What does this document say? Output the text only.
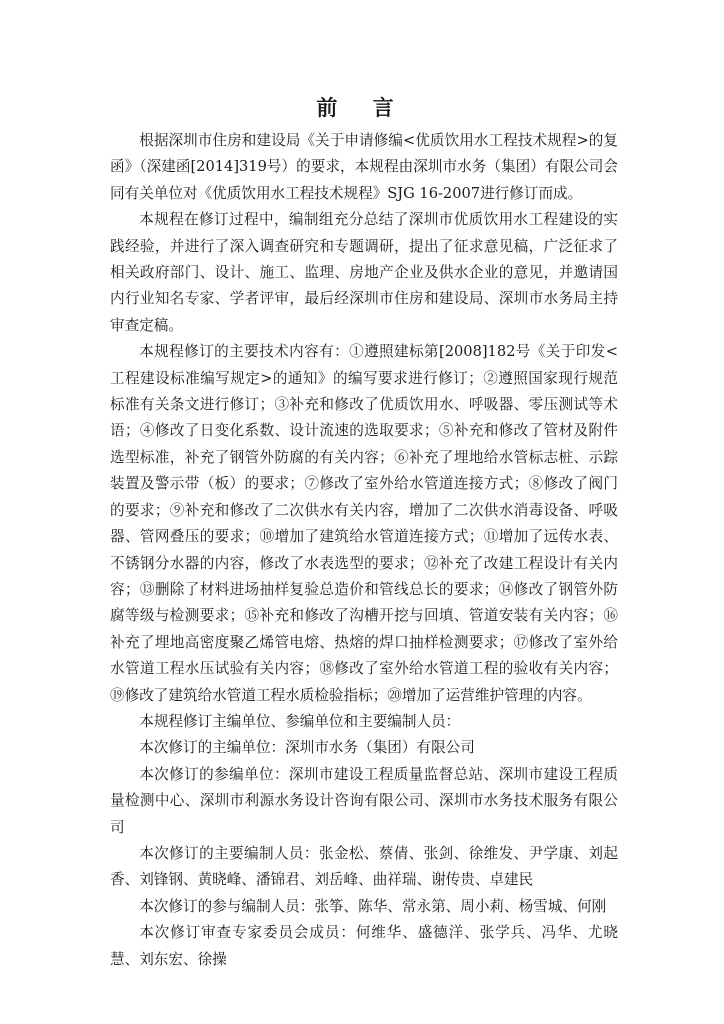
前 言

根据深圳市住房和建设局《关于申请修编<优质饮用水工程技术规程>的复函》（深建函[2014]319号）的要求，本规程由深圳市水务（集团）有限公司会同有关单位对《优质饮用水工程技术规程》SJG 16-2007进行修订而成。

本规程在修订过程中，编制组充分总结了深圳市优质饮用水工程建设的实践经验，并进行了深入调查研究和专题调研，提出了征求意见稿，广泛征求了相关政府部门、设计、施工、监理、房地产企业及供水企业的意见，并邀请国内行业知名专家、学者评审，最后经深圳市住房和建设局、深圳市水务局主持审查定稿。

本规程修订的主要技术内容有：①遵照建标第[2008]182号《关于印发<工程建设标准编写规定>的通知》的编写要求进行修订；②遵照国家现行规范标准有关条文进行修订；③补充和修改了优质饮用水、呼吸器、零压测试等术语；④修改了日变化系数、设计流速的选取要求；⑤补充和修改了管材及附件选型标准，补充了钢管外防腐的有关内容；⑥补充了埋地给水管标志桩、示踪装置及警示带（板）的要求；⑦修改了室外给水管道连接方式；⑧修改了阀门的要求；⑨补充和修改了二次供水有关内容，增加了二次供水消毒设备、呼吸器、管网叠压的要求；⑩增加了建筑给水管道连接方式；⑪增加了远传水表、不锈钢分水器的内容，修改了水表选型的要求；⑫补充了改建工程设计有关内容；⑬删除了材料进场抽样复验总造价和管线总长的要求；⑭修改了钢管外防腐等级与检测要求；⑮补充和修改了沟槽开挖与回填、管道安装有关内容；⑯补充了埋地高密度聚乙烯管电熔、热熔的焊口抽样检测要求；⑰修改了室外给水管道工程水压试验有关内容；⑱修改了室外给水管道工程的验收有关内容；⑲修改了建筑给水管道工程水质检验指标；⑳增加了运营维护管理的内容。

本规程修订主编单位、参编单位和主要编制人员：

本次修订的主编单位：深圳市水务（集团）有限公司

本次修订的参编单位：深圳市建设工程质量监督总站、深圳市建设工程质量检测中心、深圳市利源水务设计咨询有限公司、深圳市水务技术服务有限公司

本次修订的主要编制人员：张金松、蔡倩、张剑、徐维发、尹学康、刘起香、刘锋钢、黄晓峰、潘锦君、刘岳峰、曲祥瑞、谢传贵、卓建民

本次修订的参与编制人员：张筝、陈华、常永第、周小莉、杨雪城、何刚

本次修订审查专家委员会成员：何维华、盛德洋、张学兵、冯华、尤晓慧、刘东宏、徐操
